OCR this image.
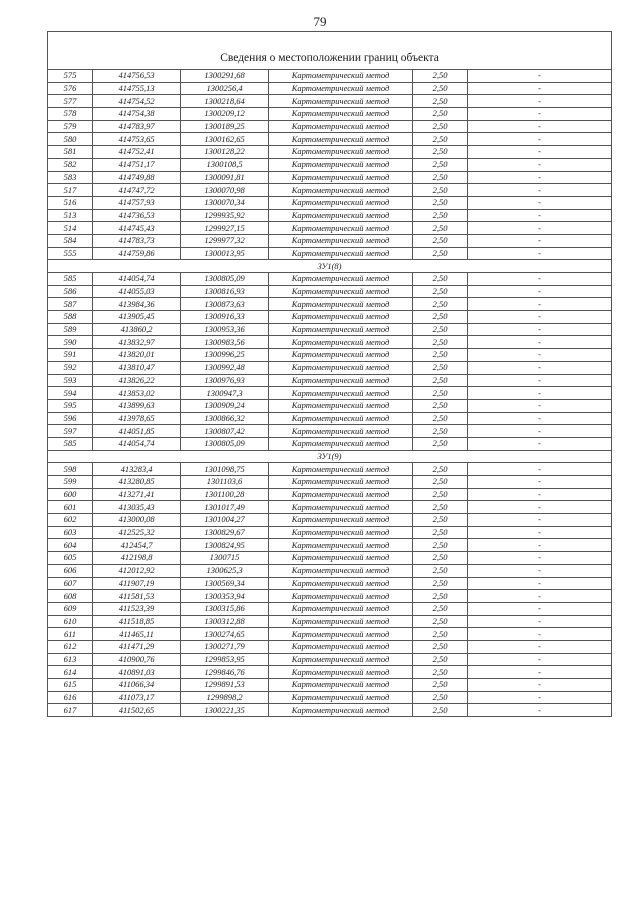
79
Сведения о местоположении границ объекта					
575	414756,53	1300291,68	Картометрический метод	2,50	-
576	414755,13	1300256,4	Картометрический метод	2,50	-
577	414754,52	1300218,64	Картометрический метод	2,50	-
578	414754,38	1300209,12	Картометрический метод	2,50	-
579	414783,97	1300189,25	Картометрический метод	2,50	-
580	414753,65	1300162,65	Картометрический метод	2,50	-
581	414752,41	1300128,22	Картометрический метод	2,50	-
582	414751,17	1300108,5	Картометрический метод	2,50	-
583	414749,88	1300091,81	Картометрический метод	2,50	-
517	414747,72	1300070,98	Картометрический метод	2,50	-
516	414757,93	1300070,34	Картометрический метод	2,50	-
513	414736,53	1299935,92	Картометрический метод	2,50	-
514	414745,43	1299927,15	Картометрический метод	2,50	-
584	414783,73	1299977,32	Картометрический метод	2,50	-
555	414759,86	1300013,95	Картометрический метод	2,50	-
ЗУ1(8)					
585	414054,74	1300805,09	Картометрический метод	2,50	-
586	414055,03	1300816,93	Картометрический метод	2,50	-
587	413984,36	1300873,63	Картометрический метод	2,50	-
588	413905,45	1300916,33	Картометрический метод	2,50	-
589	413860,2	1300953,36	Картометрический метод	2,50	-
590	413832,97	1300983,56	Картометрический метод	2,50	-
591	413820,01	1300996,25	Картометрический метод	2,50	-
592	413810,47	1300992,48	Картометрический метод	2,50	-
593	413826,22	1300976,93	Картометрический метод	2,50	-
594	413853,02	1300947,3	Картометрический метод	2,50	-
595	413899,63	1300909,24	Картометрический метод	2,50	-
596	413978,65	1300866,32	Картометрический метод	2,50	-
597	414051,85	1300807,42	Картометрический метод	2,50	-
585	414054,74	1300805,09	Картометрический метод	2,50	-
ЗУ1(9)					
598	413283,4	1301098,75	Картометрический метод	2,50	-
599	413280,85	1301103,6	Картометрический метод	2,50	-
600	413271,41	1301100,28	Картометрический метод	2,50	-
601	413035,43	1301017,49	Картометрический метод	2,50	-
602	413000,08	1301004,27	Картометрический метод	2,50	-
603	412525,32	1300829,67	Картометрический метод	2,50	-
604	412454,7	1300824,95	Картометрический метод	2,50	-
605	412198,8	1300715	Картометрический метод	2,50	-
606	412012,92	1300625,3	Картометрический метод	2,50	-
607	411907,19	1300569,34	Картометрический метод	2,50	-
608	411581,53	1300353,94	Картометрический метод	2,50	-
609	411523,39	1300315,86	Картометрический метод	2,50	-
610	411518,85	1300312,88	Картометрический метод	2,50	-
611	411465,11	1300274,65	Картометрический метод	2,50	-
612	411471,29	1300271,79	Картометрический метод	2,50	-
613	410900,76	1299853,95	Картометрический метод	2,50	-
614	410891,03	1299846,76	Картометрический метод	2,50	-
615	411066,34	1299891,53	Картометрический метод	2,50	-
616	411073,17	1299898,2	Картометрический метод	2,50	-
617	411502,65	1300221,35	Картометрический метод	2,50	-
